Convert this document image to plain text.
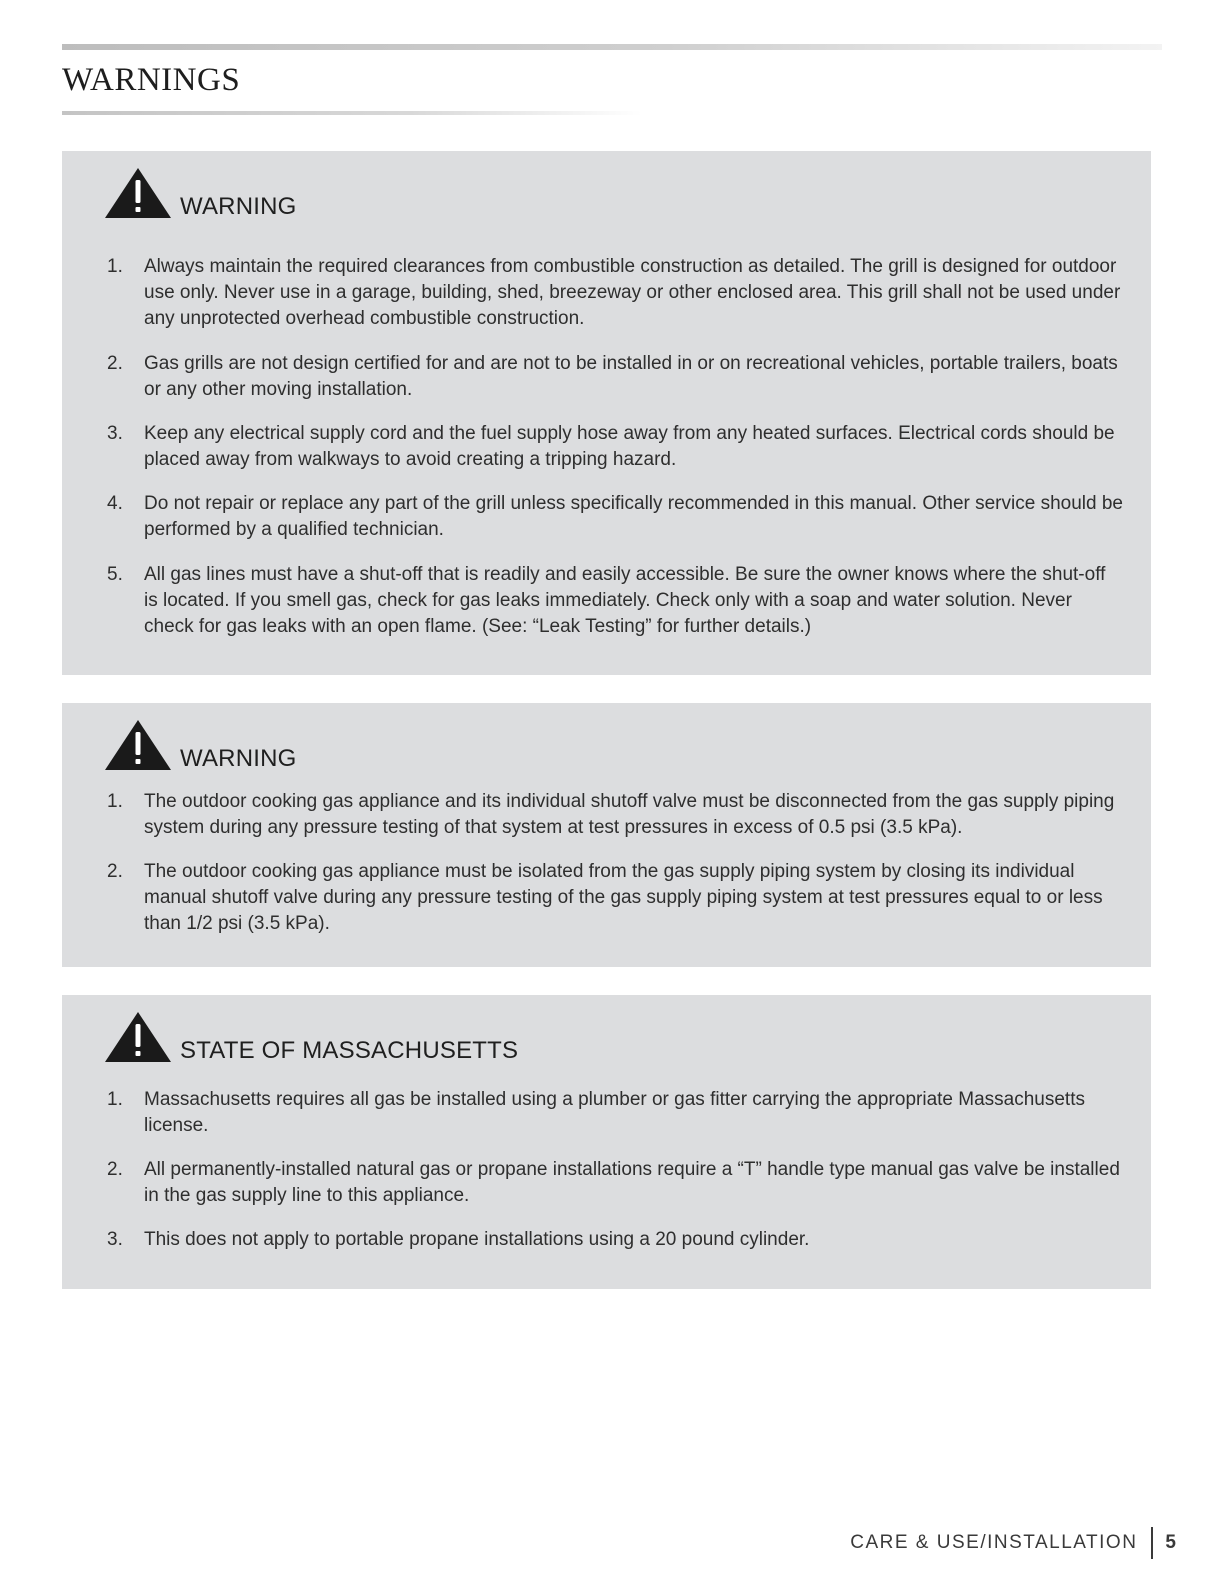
WARNINGS
WARNING
1. Always maintain the required clearances from combustible construction as detailed. The grill is designed for outdoor use only. Never use in a garage, building, shed, breezeway or other enclosed area. This grill shall not be used under any unprotected overhead combustible construction.
2. Gas grills are not design certified for and are not to be installed in or on recreational vehicles, portable trailers, boats or any other moving installation.
3. Keep any electrical supply cord and the fuel supply hose away from any heated surfaces. Electrical cords should be placed away from walkways to avoid creating a tripping hazard.
4. Do not repair or replace any part of the grill unless specifically recommended in this manual. Other service should be performed by a qualified technician.
5. All gas lines must have a shut-off that is readily and easily accessible. Be sure the owner knows where the shut-off is located. If you smell gas, check for gas leaks immediately. Check only with a soap and water solution. Never check for gas leaks with an open flame. (See: “Leak Testing” for further details.)
WARNING
1. The outdoor cooking gas appliance and its individual shutoff valve must be disconnected from the gas supply piping system during any pressure testing of that system at test pressures in excess of 0.5 psi (3.5 kPa).
2. The outdoor cooking gas appliance must be isolated from the gas supply piping system by closing its individual manual shutoff valve during any pressure testing of the gas supply piping system at test pressures equal to or less than 1/2 psi (3.5 kPa).
STATE OF MASSACHUSETTS
1. Massachusetts requires all gas be installed using a plumber or gas fitter carrying the appropriate Massachusetts license.
2. All permanently-installed natural gas or propane installations require a “T” handle type manual gas valve be installed in the gas supply line to this appliance.
3. This does not apply to portable propane installations using a 20 pound cylinder.
CARE & USE/INSTALLATION 5
